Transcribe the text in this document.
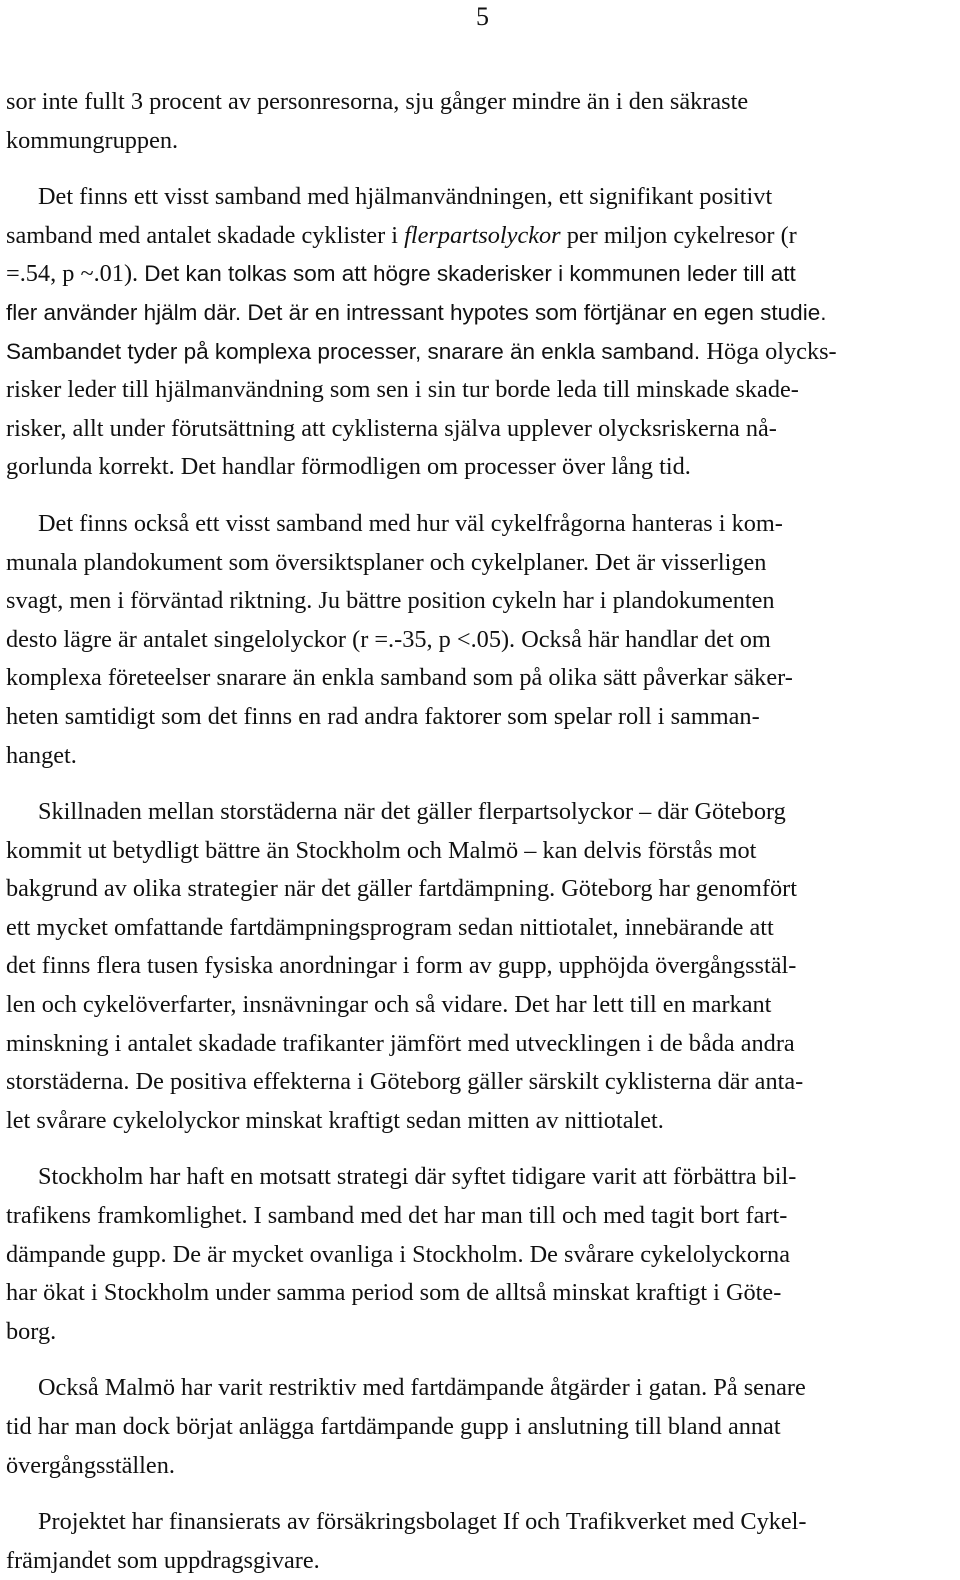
5

sor inte fullt 3 procent av personresorna, sju gånger mindre än i den säkraste
kommungruppen.

Det finns ett visst samband med hjälmanvändningen, ett signifikant positivt
samband med antalet skadade cyklister i flerpartsolyckor per miljon cykelresor (r
=.54, p ~.01). Det kan tolkas som att högre skaderisker i kommunen leder till att
fler använder hjälm där. Det är en intressant hypotes som förtjänar en egen studie.
Sambandet tyder på komplexa processer, snarare än enkla samband. Höga olycks-
risker leder till hjälmanvändning som sen i sin tur borde leda till minskade skade-
risker, allt under förutsättning att cyklisterna själva upplever olycksriskerna nå-
gorlunda korrekt. Det handlar förmodligen om processer över lång tid.

Det finns också ett visst samband med hur väl cykelfrågorna hanteras i kom-
munala plandokument som översiktsplaner och cykelplaner. Det är visserligen
svagt, men i förväntad riktning. Ju bättre position cykeln har i plandokumenten
desto lägre är antalet singelolyckor (r =.-35, p <.05). Också här handlar det om
komplexa företeelser snarare än enkla samband som på olika sätt påverkar säker-
heten samtidigt som det finns en rad andra faktorer som spelar roll i samman-
hanget.

Skillnaden mellan storstäderna när det gäller flerpartsolyckor – där Göteborg
kommit ut betydligt bättre än Stockholm och Malmö – kan delvis förstås mot
bakgrund av olika strategier när det gäller fartdämpning. Göteborg har genomfört
ett mycket omfattande fartdämpningsprogram sedan nittiotalet, innebärande att
det finns flera tusen fysiska anordningar i form av gupp, upphöjda övergångsstäl-
len och cykelöverfarter, insnävningar och så vidare. Det har lett till en markant
minskning i antalet skadade trafikanter jämfört med utvecklingen i de båda andra
storstäderna. De positiva effekterna i Göteborg gäller särskilt cyklisterna där anta-
let svårare cykelolyckor minskat kraftigt sedan mitten av nittiotalet.

Stockholm har haft en motsatt strategi där syftet tidigare varit att förbättra bil-
trafikens framkomlighet. I samband med det har man till och med tagit bort fart-
dämpande gupp. De är mycket ovanliga i Stockholm. De svårare cykelolyckorna
har ökat i Stockholm under samma period som de alltså minskat kraftigt i Göte-
borg.

Också Malmö har varit restriktiv med fartdämpande åtgärder i gatan. På senare
tid har man dock börjat anlägga fartdämpande gupp i anslutning till bland annat
övergångsställen.

Projektet har finansierats av försäkringsbolaget If och Trafikverket med Cykel-
främjandet som uppdragsgivare.
